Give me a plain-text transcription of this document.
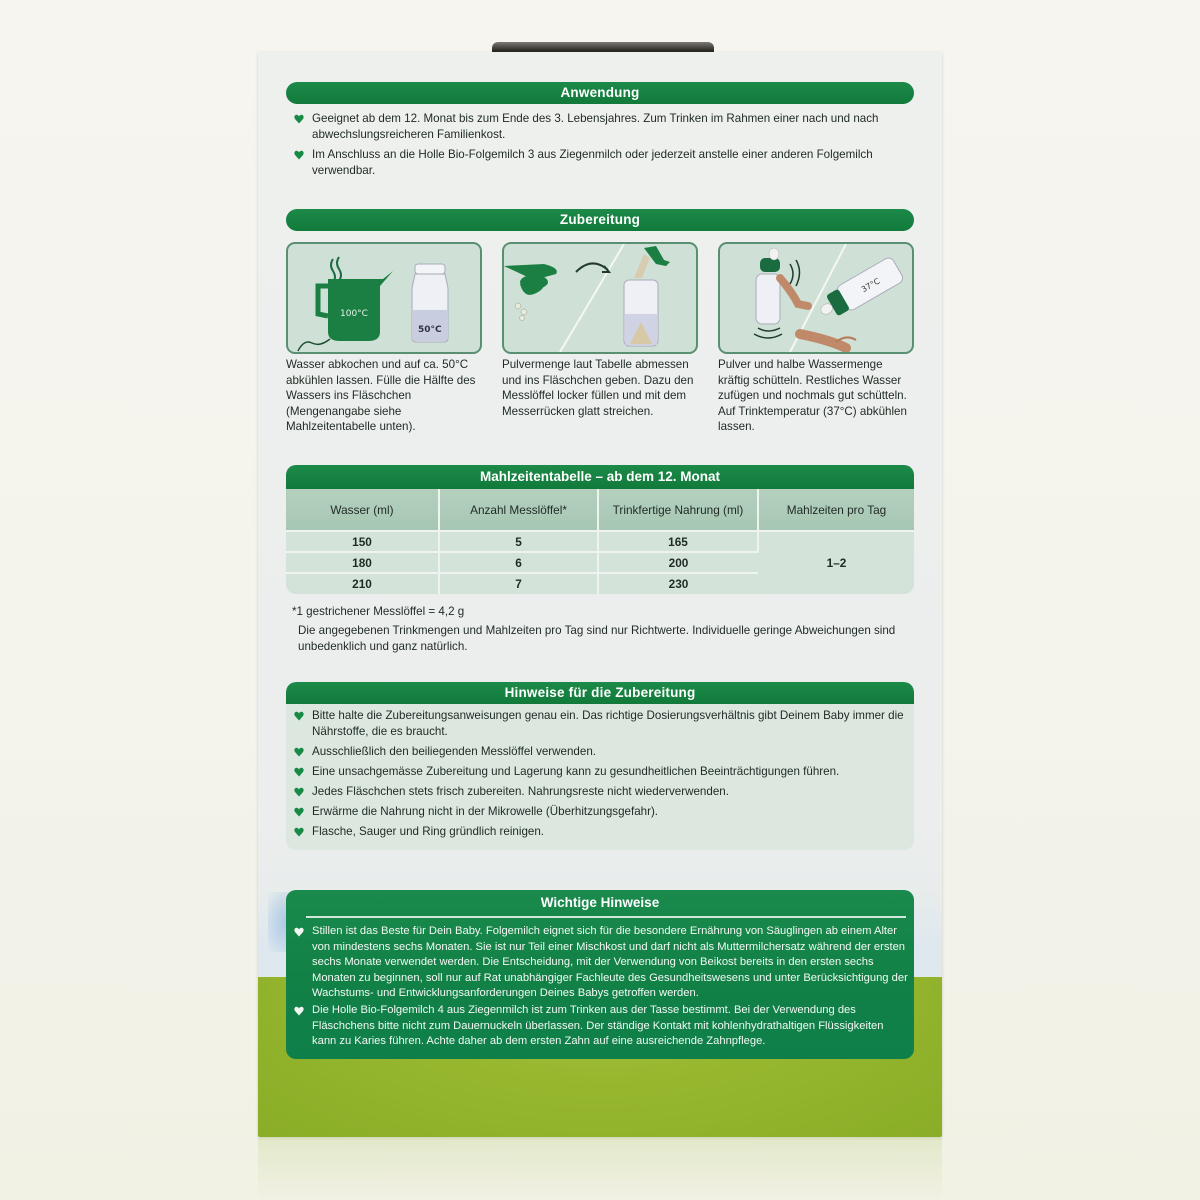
Anwendung
Geeignet ab dem 12. Monat bis zum Ende des 3. Lebensjahres. Zum Trinken im Rahmen einer nach und nach abwechslungsreicheren Familienkost.
Im Anschluss an die Holle Bio-Folgemilch 3 aus Ziegenmilch oder jederzeit anstelle einer anderen Folgemilch verwendbar.
Zubereitung
100°C
50°C
Wasser abkochen und auf ca. 50°C abkühlen lassen. Fülle die Hälfte des Wassers ins Fläschchen (Mengenangabe siehe Mahlzeitentabelle unten).
Pulvermenge laut Tabelle abmessen und ins Fläschchen geben. Dazu den Messlöffel locker füllen und mit dem Messerrücken glatt streichen.
37°C
Pulver und halbe Wassermenge kräftig schütteln. Restliches Wasser zufügen und nochmals gut schütteln. Auf Trinktemperatur (37°C) abkühlen lassen.
Mahlzeitentabelle – ab dem 12. Monat
Wasser (ml)	Anzahl Messlöffel*	Trinkfertige Nahrung (ml)	Mahlzeiten pro Tag
150	5	165	1–2
180	6	200	
210	7	230	
*1 gestrichener Messlöffel = 4,2 g
Die angegebenen Trinkmengen und Mahlzeiten pro Tag sind nur Richtwerte. Individuelle geringe Abweichungen sind unbedenklich und ganz natürlich.
Hinweise für die Zubereitung
Bitte halte die Zubereitungsanweisungen genau ein. Das richtige Dosierungsverhältnis gibt Deinem Baby immer die Nährstoffe, die es braucht.
Ausschließlich den beiliegenden Messlöffel verwenden.
Eine unsachgemässe Zubereitung und Lagerung kann zu gesundheitlichen Beeinträchtigungen führen.
Jedes Fläschchen stets frisch zubereiten. Nahrungsreste nicht wiederverwenden.
Erwärme die Nahrung nicht in der Mikrowelle (Überhitzungsgefahr).
Flasche, Sauger und Ring gründlich reinigen.
Wichtige Hinweise
Stillen ist das Beste für Dein Baby. Folgemilch eignet sich für die besondere Ernährung von Säuglingen ab einem Alter von mindestens sechs Monaten. Sie ist nur Teil einer Mischkost und darf nicht als Muttermilchersatz während der ersten sechs Monate verwendet werden. Die Entscheidung, mit der Verwendung von Beikost bereits in den ersten sechs Monaten zu beginnen, soll nur auf Rat unabhängiger Fachleute des Gesundheitswesens und unter Berücksichtigung der Wachstums- und Entwicklungsanforderungen Deines Babys getroffen werden.
Die Holle Bio-Folgemilch 4 aus Ziegenmilch ist zum Trinken aus der Tasse bestimmt. Bei der Verwendung des Fläschchens bitte nicht zum Dauernuckeln überlassen. Der ständige Kontakt mit kohlenhydrathaltigen Flüssigkeiten kann zu Karies führen. Achte daher ab dem ersten Zahn auf eine ausreichende Zahnpflege.
